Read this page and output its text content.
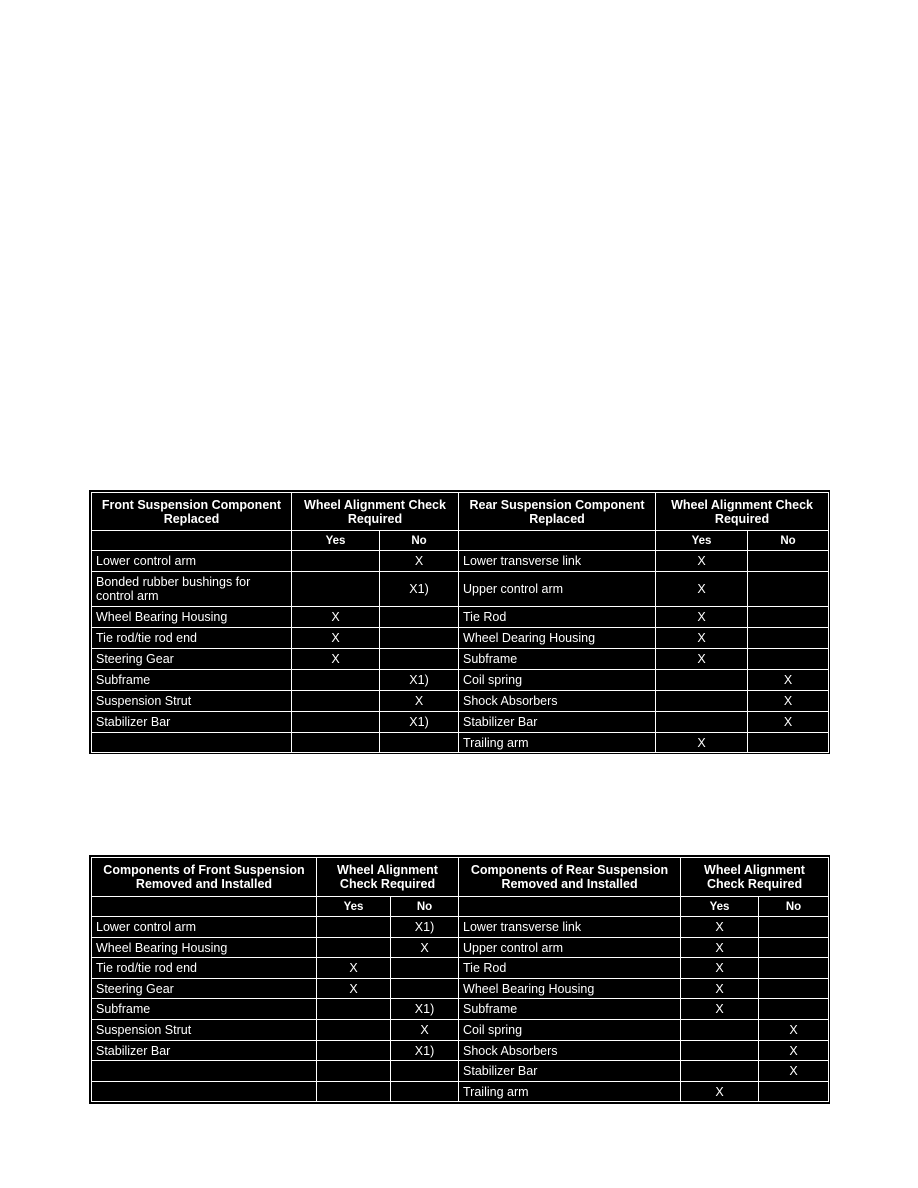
Front Suspension Component Replaced	Wheel Alignment Check Required		Rear Suspension Component Replaced	Wheel Alignment Check Required	
	Yes	No		Yes	No
Lower control arm		X	Lower transverse link	X	
Bonded rubber bushings for control arm		X1)	Upper control arm	X	
Wheel Bearing Housing	X		Tie Rod	X	
Tie rod/tie rod end	X		Wheel Dearing Housing	X	
Steering Gear	X		Subframe	X	
Subframe		X1)	Coil spring		X
Suspension Strut		X	Shock Absorbers		X
Stabilizer Bar		X1)	Stabilizer Bar		X
			Trailing arm	X	
Components of Front Suspension Removed and Installed	Wheel Alignment Check Required		Components of Rear Suspension Removed and Installed	Wheel Alignment Check Required	
	Yes	No		Yes	No
Lower control arm		X1)	Lower transverse link	X	
Wheel Bearing Housing		X	Upper control arm	X	
Tie rod/tie rod end	X		Tie Rod	X	
Steering Gear	X		Wheel Bearing Housing	X	
Subframe		X1)	Subframe	X	
Suspension Strut		X	Coil spring		X
Stabilizer Bar		X1)	Shock Absorbers		X
			Stabilizer Bar		X
			Trailing arm	X	
